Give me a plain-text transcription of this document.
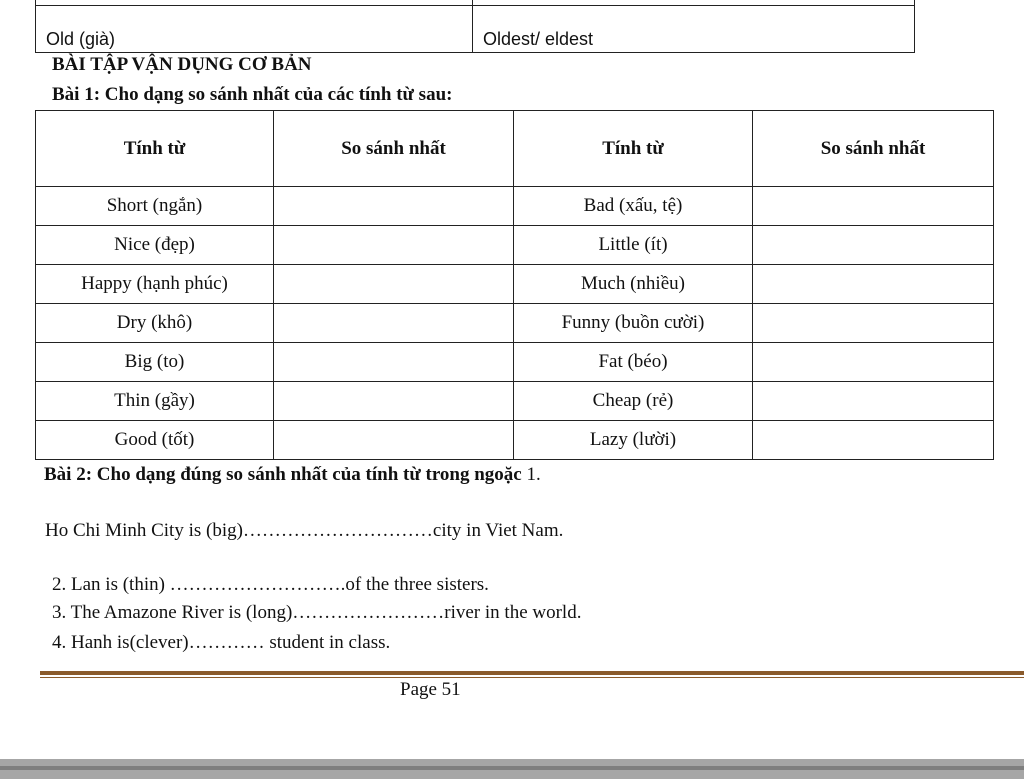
Old (già)	Oldest/ eldest
BÀI TẬP VẬN DỤNG CƠ BẢN
Bài 1: Cho dạng so sánh nhất của các tính từ sau:
Tính từ	So sánh nhất	Tính từ	So sánh nhất
Short (ngắn)		Bad (xấu, tệ)	
Nice (đẹp)		Little (ít)	
Happy (hạnh phúc)		Much (nhiều)	
Dry (khô)		Funny (buồn cười)	
Big (to)		Fat (béo)	
Thin (gầy)		Cheap (rẻ)	
Good (tốt)		Lazy (lười)	
Bài 2: Cho dạng đúng so sánh nhất của tính từ trong ngoặc 1.
Ho Chi Minh City is (big)…………………………city in Viet Nam.
2. Lan is (thin) ……………………….of the three sisters.
3. The Amazone River is (long)……………………river in the world.
4. Hanh is(clever)………… student in class.
Page 51
